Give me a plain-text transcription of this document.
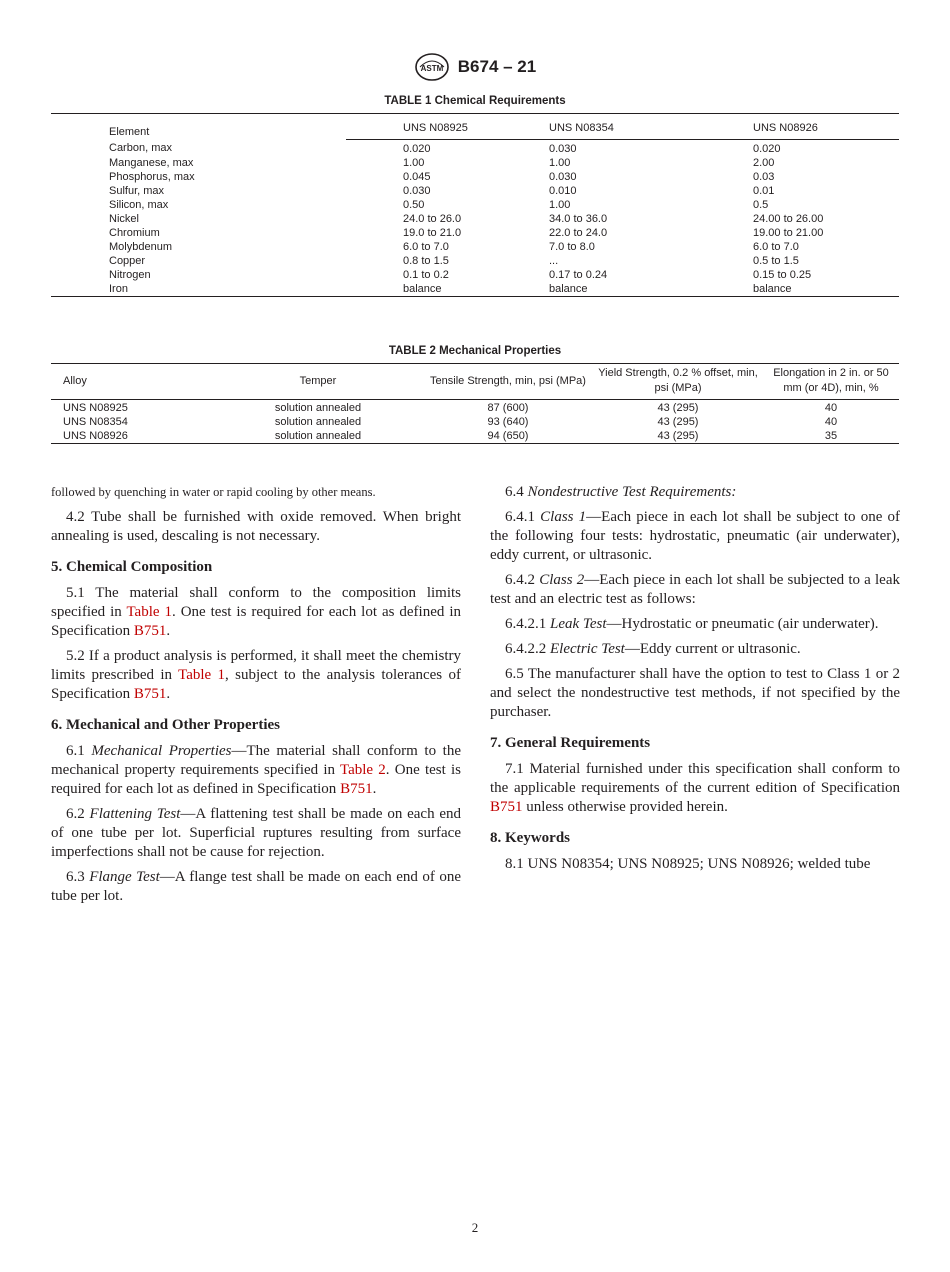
ASTM B674 – 21
TABLE 1 Chemical Requirements
Element	UNS N08925	UNS N08354	UNS N08926

Carbon, max	0.020	0.030	0.020
Manganese, max	1.00	1.00	2.00
Phosphorus, max	0.045	0.030	0.03
Sulfur, max	0.030	0.010	0.01
Silicon, max	0.50	1.00	0.5
Nickel	24.0 to 26.0	34.0 to 36.0	24.00 to 26.00
Chromium	19.0 to 21.0	22.0 to 24.0	19.00 to 21.00
Molybdenum	6.0 to 7.0	7.0 to 8.0	6.0 to 7.0
Copper	0.8 to 1.5	...	0.5 to 1.5
Nitrogen	0.1 to 0.2	0.17 to 0.24	0.15 to 0.25
Iron	balance	balance	balance
TABLE 2 Mechanical Properties
Alloy	Temper	Tensile Strength, min, psi (MPa)	Yield Strength, 0.2 % offset, min, psi (MPa)	Elongation in 2 in. or 50 mm (or 4D), min, %
UNS N08925	solution annealed	87 (600)	43 (295)	40
UNS N08354	solution annealed	93 (640)	43 (295)	40
UNS N08926	solution annealed	94 (650)	43 (295)	35

followed by quenching in water or rapid cooling by other means.

4.2 Tube shall be furnished with oxide removed. When bright annealing is used, descaling is not necessary.

5. Chemical Composition

5.1 The material shall conform to the composition limits specified in Table 1. One test is required for each lot as defined in Specification B751.

5.2 If a product analysis is performed, it shall meet the chemistry limits prescribed in Table 1, subject to the analysis tolerances of Specification B751.

6. Mechanical and Other Properties

6.1 Mechanical Properties—The material shall conform to the mechanical property requirements specified in Table 2. One test is required for each lot as defined in Specification B751.

6.2 Flattening Test—A flattening test shall be made on each end of one tube per lot. Superficial ruptures resulting from surface imperfections shall not be cause for rejection.

6.3 Flange Test—A flange test shall be made on each end of one tube per lot.

6.4 Nondestructive Test Requirements:

6.4.1 Class 1—Each piece in each lot shall be subject to one of the following four tests: hydrostatic, pneumatic (air underwater), eddy current, or ultrasonic.

6.4.2 Class 2—Each piece in each lot shall be subjected to a leak test and an electric test as follows:

6.4.2.1 Leak Test—Hydrostatic or pneumatic (air underwater).

6.4.2.2 Electric Test—Eddy current or ultrasonic.

6.5 The manufacturer shall have the option to test to Class 1 or 2 and select the nondestructive test methods, if not specified by the purchaser.

7. General Requirements

7.1 Material furnished under this specification shall conform to the applicable requirements of the current edition of Specification B751 unless otherwise provided herein.

8. Keywords

8.1 UNS N08354; UNS N08925; UNS N08926; welded tube

2
